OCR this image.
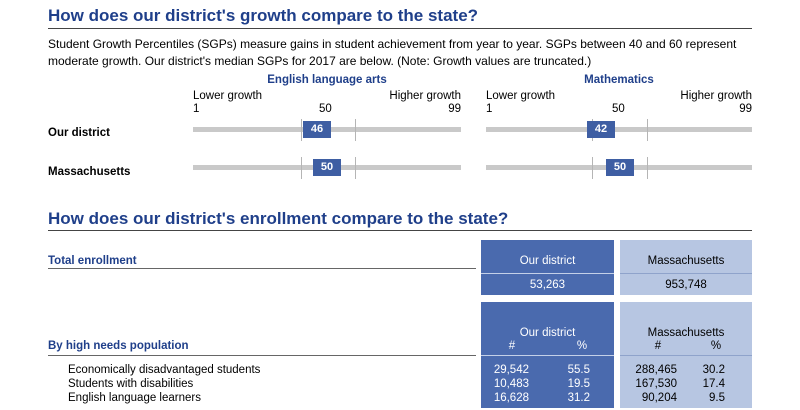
How does our district's growth compare to the state?
Student Growth Percentiles (SGPs) measure gains in student achievement from year to year. SGPs between 40 and 60 represent moderate growth. Our district's median SGPs for 2017 are below. (Note: Growth values are truncated.)
English language arts
Lower growth	Higher growth
1	50	99
46
50
Mathematics
Lower growth	Higher growth
1	50	99
42
50
Our district
Massachusetts
How does our district's enrollment compare to the state?
Our district	Massachusetts
53,263	953,748
Total enrollment
Our district	Massachusetts
#	%	#	%
By high needs population
Economically disadvantaged students	29,542	55.5	288,465	30.2
Students with disabilities	10,483	19.5	167,530	17.4
English language learners	16,628	31.2	90,204	9.5
